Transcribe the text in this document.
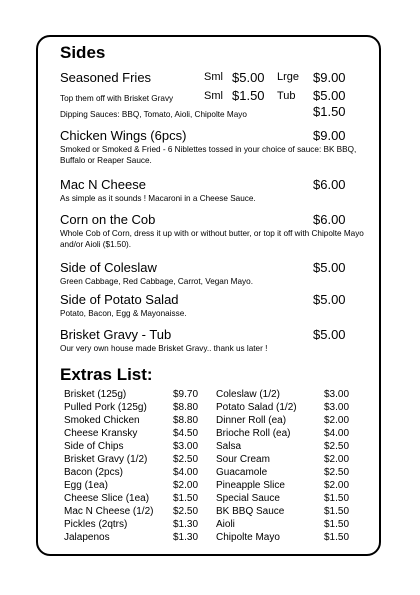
Sides
Seasoned Fries	Sml $5.00 Lrge $9.00
Top them off with Brisket Gravy	Sml $1.50 Tub $5.00
Dipping Sauces: BBQ, Tomato, Aioli, Chipolte Mayo	$1.50
Chicken Wings (6pcs)	$9.00
Smoked or Smoked & Fried - 6 Niblettes tossed in your choice of sauce: BK BBQ, Buffalo or Reaper Sauce.
Mac N Cheese	$6.00
As simple as it sounds ! Macaroni in a Cheese Sauce.
Corn on the Cob	$6.00
Whole Cob of Corn, dress it up with or without butter, or top it off with Chipolte Mayo and/or Aioli ($1.50).
Side of Coleslaw	$5.00
Green Cabbage, Red Cabbage, Carrot, Vegan Mayo.
Side of Potato Salad	$5.00
Potato, Bacon, Egg & Mayonaisse.
Brisket Gravy - Tub	$5.00
Our very own house made Brisket Gravy.. thank us later !
Extras List:
Brisket (125g)	$9.70
Pulled Pork (125g)	$8.80
Smoked Chicken	$8.80
Cheese Kransky	$4.50
Side of Chips	$3.00
Brisket Gravy (1/2)	$2.50
Bacon (2pcs)	$4.00
Egg (1ea)	$2.00
Cheese Slice (1ea) $1.50
Mac N Cheese (1/2) $2.50
Pickles (2qtrs)	$1.30
Jalapenos	$1.30
Coleslaw (1/2)	$3.00
Potato Salad (1/2)	$3.00
Dinner Roll (ea)	$2.00
Brioche Roll (ea)	$4.00
Salsa	$2.50
Sour Cream	$2.00
Guacamole	$2.50
Pineapple Slice	$2.00
Special Sauce	$1.50
BK BBQ Sauce	$1.50
Aioli	$1.50
Chipolte Mayo	$1.50
